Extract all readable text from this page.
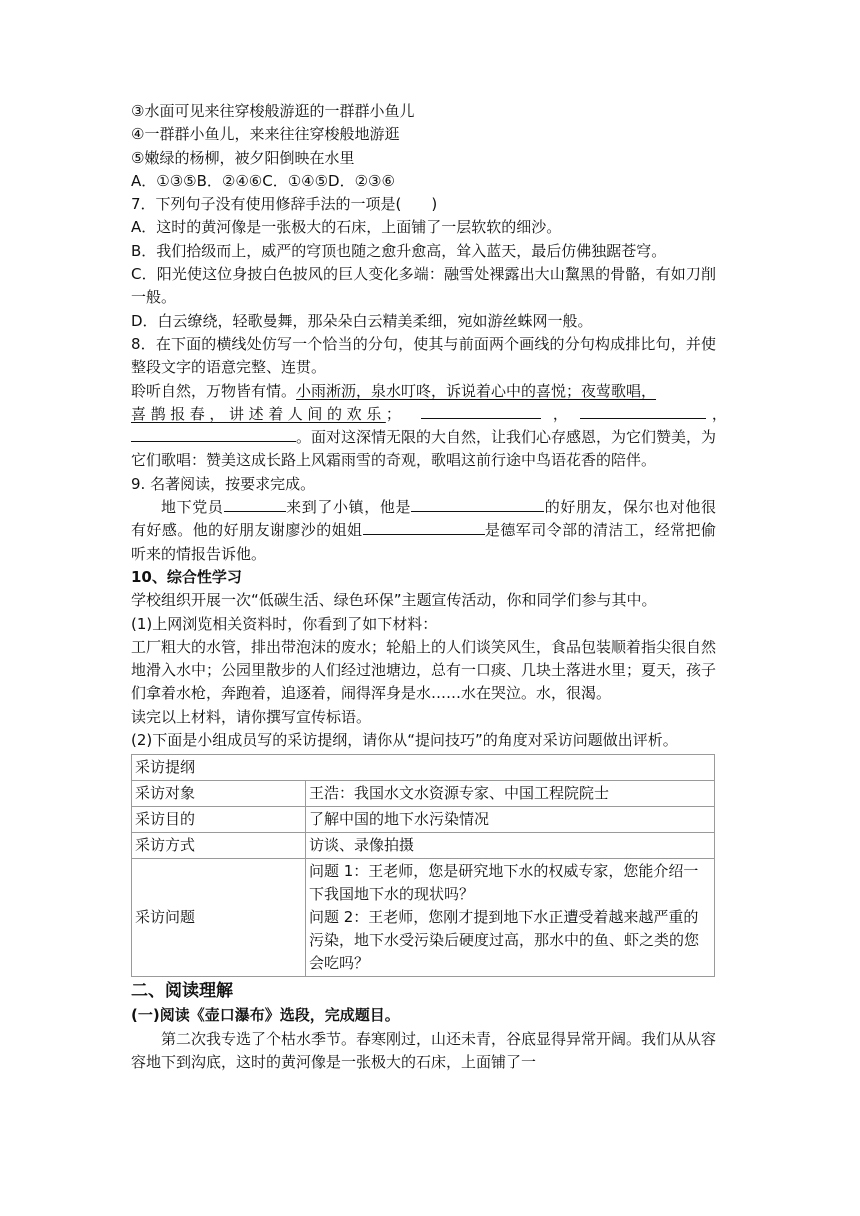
③水面可见来往穿梭般游逛的一群群小鱼儿
④一群群小鱼儿，来来往往穿梭般地游逛
⑤嫩绿的杨柳，被夕阳倒映在水里
A．①③⑤B．②④⑥C．①④⑤D．②③⑥
7．下列句子没有使用修辞手法的一项是(　　)
A．这时的黄河像是一张极大的石床，上面铺了一层软软的细沙。
B．我们拾级而上，威严的穹顶也随之愈升愈高，耸入蓝天，最后仿佛独踞苍穹。
C．阳光使这位身披白色披风的巨人变化多端：融雪处裸露出大山黧黑的骨骼，有如刀削一般。
D．白云缭绕，轻歌曼舞，那朵朵白云精美柔细，宛如游丝蛛网一般。
8．在下面的横线处仿写一个恰当的分句，使其与前面两个画线的分句构成排比句，并使整段文字的语意完整、连贯。
聆听自然，万物皆有情。小雨淅沥，泉水叮咚，诉说着心中的喜悦；夜莺歌唱，
喜鹊报春，讲述着人间的欢乐；	，	，
。面对这深情无限的大自然，让我们心存感恩，为它们赞美，为它们歌唱：赞美这成长路上风霜雨雪的奇观，歌唱这前行途中鸟语花香的陪伴。
9. 名著阅读，按要求完成。
地下党员	来到了小镇，他是	的好朋友，保尔也对他很有好感。他的好朋友谢廖沙的姐姐	是德军司令部的清洁工，经常把偷听来的情报告诉他。
10、综合性学习
学校组织开展一次“低碳生活、绿色环保”主题宣传活动，你和同学们参与其中。
(1)上网浏览相关资料时，你看到了如下材料：
工厂粗大的水管，排出带泡沫的废水；轮船上的人们谈笑风生，食品包装顺着指尖很自然地滑入水中；公园里散步的人们经过池塘边，总有一口痰、几块土落进水里；夏天，孩子们拿着水枪，奔跑着，追逐着，闹得浑身是水……水在哭泣。水，很渴。
读完以上材料，请你撰写宣传标语。
(2)下面是小组成员写的采访提纲，请你从“提问技巧”的角度对采访问题做出评析。
采访提纲	
采访对象	王浩：我国水文水资源专家、中国工程院院士
采访目的	了解中国的地下水污染情况
采访方式	访谈、录像拍摄
采访问题	问题 1：王老师，您是研究地下水的权威专家，您能介绍一下我国地下水的现状吗？
问题 2：王老师，您刚才提到地下水正遭受着越来越严重的污染，地下水受污染后硬度过高，那水中的鱼、虾之类的您会吃吗？
二、阅读理解
(一)阅读《壶口瀑布》选段，完成题目。
第二次我专选了个枯水季节。春寒刚过，山还未青，谷底显得异常开阔。我们从从容容地下到沟底，这时的黄河像是一张极大的石床，上面铺了一
